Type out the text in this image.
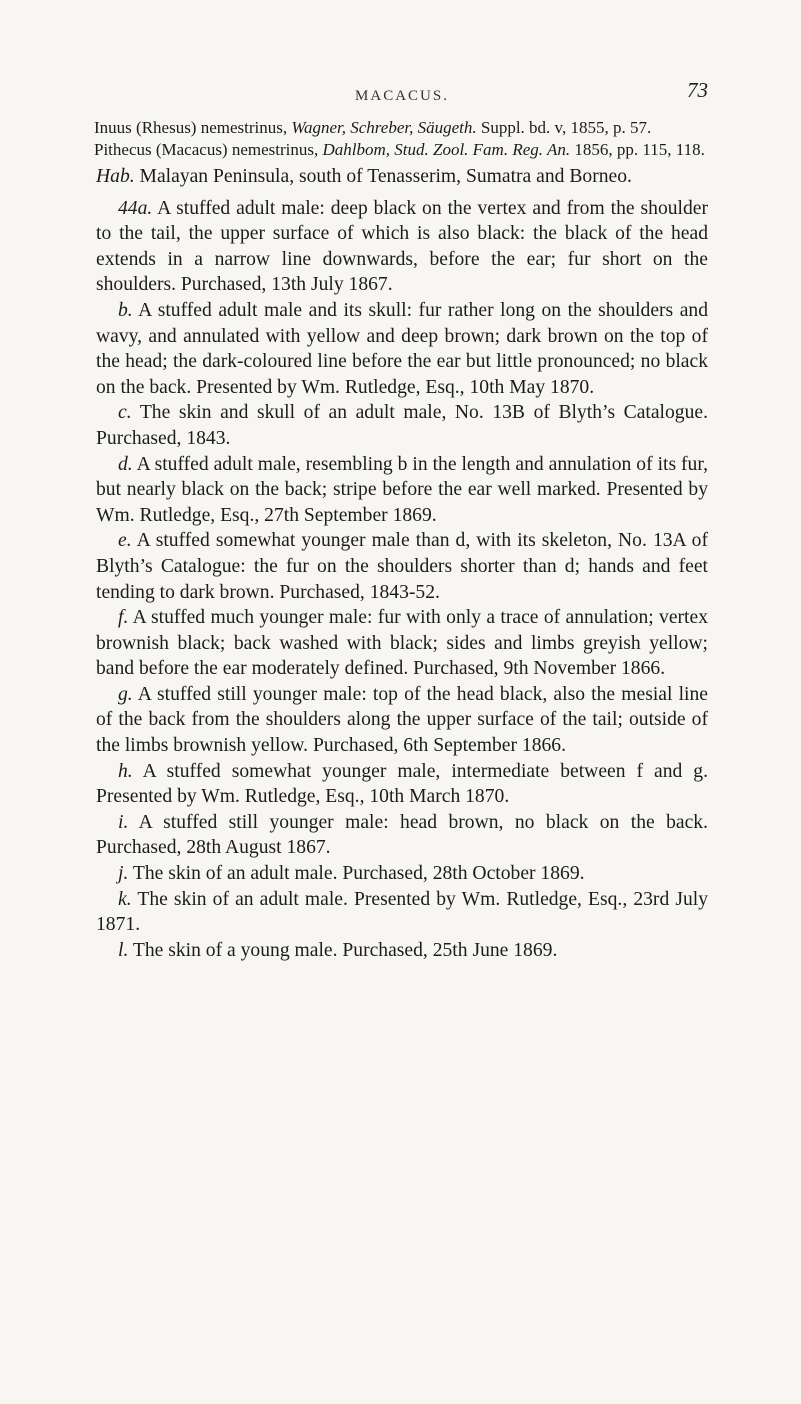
MACACUS.	73

Inuus (Rhesus) nemestrinus, Wagner, Schreber, Säugeth. Suppl. bd. v, 1855, p. 57.

Pithecus (Macacus) nemestrinus, Dahlbom, Stud. Zool. Fam. Reg. An. 1856, pp. 115, 118.

Hab. Malayan Peninsula, south of Tenasserim, Sumatra and Borneo.

44a. A stuffed adult male: deep black on the vertex and from the shoulder to the tail, the upper surface of which is also black: the black of the head extends in a narrow line downwards, before the ear; fur short on the shoulders. Purchased, 13th July 1867.

b. A stuffed adult male and its skull: fur rather long on the shoulders and wavy, and annulated with yellow and deep brown; dark brown on the top of the head; the dark-coloured line before the ear but little pronounced; no black on the back. Presented by Wm. Rutledge, Esq., 10th May 1870.

c. The skin and skull of an adult male, No. 13B of Blyth’s Catalogue. Purchased, 1843.

d. A stuffed adult male, resembling b in the length and annulation of its fur, but nearly black on the back; stripe before the ear well marked. Presented by Wm. Rutledge, Esq., 27th September 1869.

e. A stuffed somewhat younger male than d, with its skeleton, No. 13A of Blyth’s Catalogue: the fur on the shoulders shorter than d; hands and feet tending to dark brown. Purchased, 1843-52.

f. A stuffed much younger male: fur with only a trace of annulation; vertex brownish black; back washed with black; sides and limbs greyish yellow; band before the ear moderately defined. Purchased, 9th November 1866.

g. A stuffed still younger male: top of the head black, also the mesial line of the back from the shoulders along the upper surface of the tail; outside of the limbs brownish yellow. Purchased, 6th September 1866.

h. A stuffed somewhat younger male, intermediate between f and g. Presented by Wm. Rutledge, Esq., 10th March 1870.

i. A stuffed still younger male: head brown, no black on the back. Purchased, 28th August 1867.

j. The skin of an adult male. Purchased, 28th October 1869.

k. The skin of an adult male. Presented by Wm. Rutledge, Esq., 23rd July 1871.

l. The skin of a young male. Purchased, 25th June 1869.
